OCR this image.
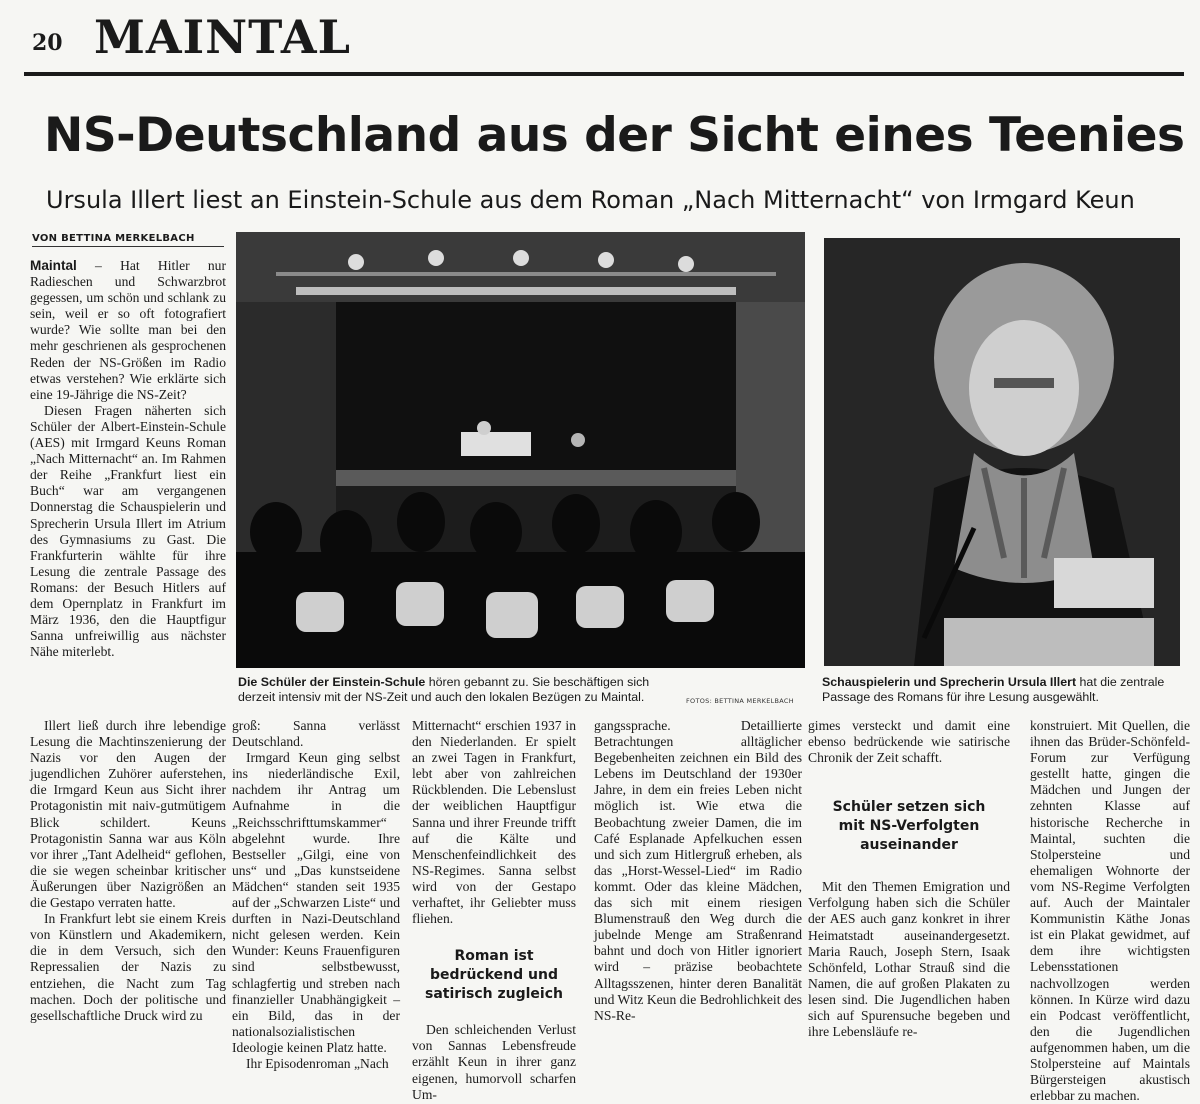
20 MAINTAL
NS-Deutschland aus der Sicht eines Teenies
Ursula Illert liest an Einstein-Schule aus dem Roman „Nach Mitternacht“ von Irmgard Keun
VON BETTINA MERKELBACH
Die Schüler der Einstein-Schule hören gebannt zu. Sie beschäftigen sich derzeit intensiv mit der NS-Zeit und auch den lokalen Bezügen zu Maintal.	FOTOS: BETTINA MERKELBACH
Schauspielerin und Sprecherin Ursula Illert hat die zentrale Passage des Romans für ihre Lesung ausgewählt.

Maintal – Hat Hitler nur Radieschen und Schwarzbrot gegessen, um schön und schlank zu sein, weil er so oft fotografiert wurde? Wie sollte man bei den mehr geschrienen als gesprochenen Reden der NS-Größen im Radio etwas verstehen? Wie erklärte sich eine 19-Jährige die NS-Zeit?

Diesen Fragen näherten sich Schüler der Albert-Einstein-Schule (AES) mit Irmgard Keuns Roman „Nach Mitternacht“ an. Im Rahmen der Reihe „Frankfurt liest ein Buch“ war am vergangenen Donnerstag die Schauspielerin und Sprecherin Ursula Illert im Atrium des Gymnasiums zu Gast. Die Frankfurterin wählte für ihre Lesung die zentrale Passage des Romans: der Besuch Hitlers auf dem Opernplatz in Frankfurt im März 1936, den die Hauptfigur Sanna unfreiwillig aus nächster Nähe miterlebt.

Illert ließ durch ihre lebendige Lesung die Machtinszenierung der Nazis vor den Augen der jugendlichen Zuhörer auferstehen, die Irmgard Keun aus Sicht ihrer Protagonistin mit naiv-gutmütigem Blick schildert. Keuns Protagonistin Sanna war aus Köln vor ihrer „Tant Adelheid“ geflohen, die sie wegen scheinbar kritischer Äußerungen über Nazigrößen an die Gestapo verraten hatte.

In Frankfurt lebt sie einem Kreis von Künstlern und Akademikern, die in dem Versuch, sich den Repressalien der Nazis zu entziehen, die Nacht zum Tag machen. Doch der politische und gesellschaftliche Druck wird zu

groß: Sanna verlässt Deutschland.

Irmgard Keun ging selbst ins niederländische Exil, nachdem ihr Antrag um Aufnahme in die „Reichsschrifttumskammer“ abgelehnt wurde. Ihre Bestseller „Gilgi, eine von uns“ und „Das kunstseidene Mädchen“ standen seit 1935 auf der „Schwarzen Liste“ und durften in Nazi-Deutschland nicht gelesen werden. Kein Wunder: Keuns Frauenfiguren sind selbstbewusst, schlagfertig und streben nach finanzieller Unabhängigkeit – ein Bild, das in der nationalsozialistischen Ideologie keinen Platz hatte.

Ihr Episodenroman „Nach

Mitternacht“ erschien 1937 in den Niederlanden. Er spielt an zwei Tagen in Frankfurt, lebt aber von zahlreichen Rückblenden. Die Lebenslust der weiblichen Hauptfigur Sanna und ihrer Freunde trifft auf die Kälte und Menschenfeindlichkeit des NS-Regimes. Sanna selbst wird von der Gestapo verhaftet, ihr Geliebter muss fliehen.

Roman ist
bedrückend und
satirisch zugleich

Den schleichenden Verlust von Sannas Lebensfreude erzählt Keun in ihrer ganz eigenen, humorvoll scharfen Um-

gangssprache. Detaillierte Betrachtungen alltäglicher Begebenheiten zeichnen ein Bild des Lebens im Deutschland der 1930er Jahre, in dem ein freies Leben nicht möglich ist. Wie etwa die Beobachtung zweier Damen, die im Café Esplanade Apfelkuchen essen und sich zum Hitlergruß erheben, als das „Horst-Wessel-Lied“ im Radio kommt. Oder das kleine Mädchen, das sich mit einem riesigen Blumenstrauß den Weg durch die jubelnde Menge am Straßenrand bahnt und doch von Hitler ignoriert wird – präzise beobachtete Alltagsszenen, hinter deren Banalität und Witz Keun die Bedrohlichkeit des NS-Re-

gimes versteckt und damit eine ebenso bedrückende wie satirische Chronik der Zeit schafft.

Schüler setzen sich
mit NS-Verfolgten
auseinander

Mit den Themen Emigration und Verfolgung haben sich die Schüler der AES auch ganz konkret in ihrer Heimatstadt auseinandergesetzt. Maria Rauch, Joseph Stern, Isaak Schönfeld, Lothar Strauß sind die Namen, die auf großen Plakaten zu lesen sind. Die Jugendlichen haben sich auf Spurensuche begeben und ihre Lebensläufe re-

konstruiert. Mit Quellen, die ihnen das Brüder-Schönfeld-Forum zur Verfügung gestellt hatte, gingen die Mädchen und Jungen der zehnten Klasse auf historische Recherche in Maintal, suchten die Stolpersteine und ehemaligen Wohnorte der vom NS-Regime Verfolgten auf. Auch der Maintaler Kommunistin Käthe Jonas ist ein Plakat gewidmet, auf dem ihre wichtigsten Lebensstationen nachvollzogen werden können. In Kürze wird dazu ein Podcast veröffentlicht, den die Jugendlichen aufgenommen haben, um die Stolpersteine auf Maintals Bürgersteigen akustisch erlebbar zu machen.
